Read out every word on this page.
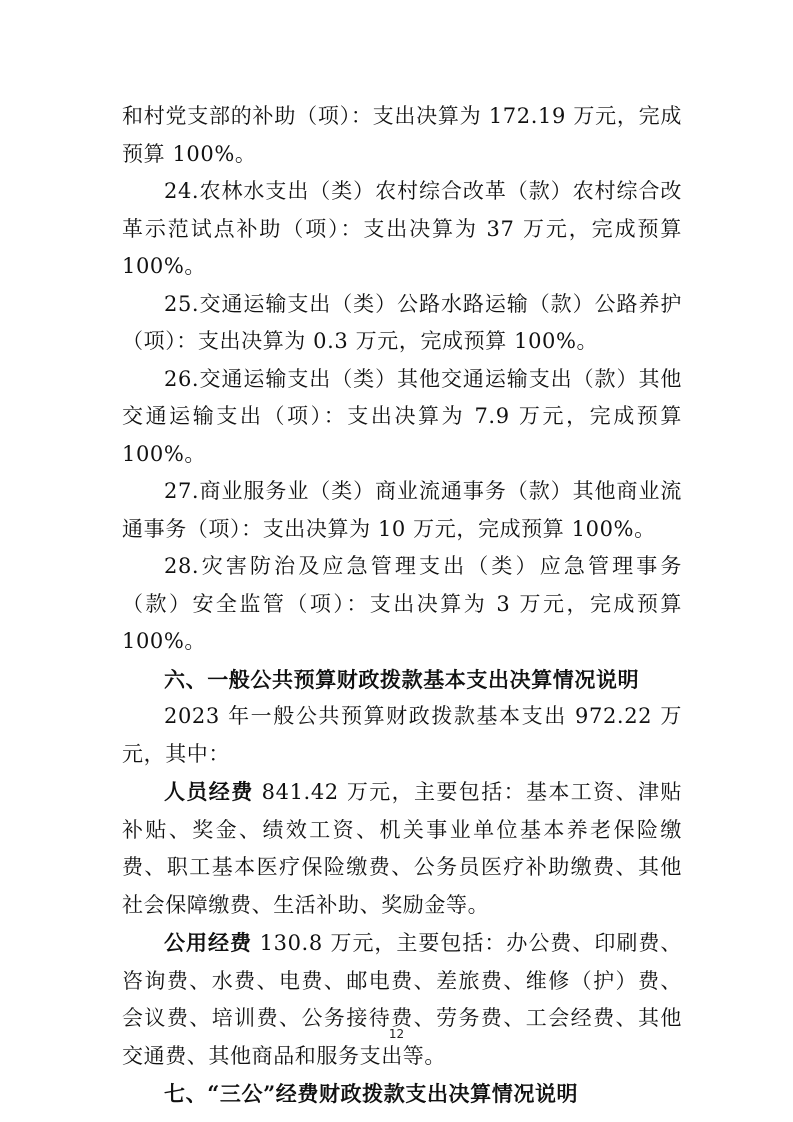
和村党支部的补助（项）：支出决算为 172.19 万元，完成预算 100%。

24.农林水支出（类）农村综合改革（款）农村综合改革示范试点补助（项）：支出决算为 37 万元，完成预算 100%。

25.交通运输支出（类）公路水路运输（款）公路养护（项）：支出决算为 0.3 万元，完成预算 100%。

26.交通运输支出（类）其他交通运输支出（款）其他交通运输支出（项）：支出决算为 7.9 万元，完成预算 100%。

27.商业服务业（类）商业流通事务（款）其他商业流通事务（项）：支出决算为 10 万元，完成预算 100%。

28.灾害防治及应急管理支出（类）应急管理事务（款）安全监管（项）：支出决算为 3 万元，完成预算 100%。

六、一般公共预算财政拨款基本支出决算情况说明

2023 年一般公共预算财政拨款基本支出 972.22 万元，其中：

人员经费 841.42 万元，主要包括：基本工资、津贴补贴、奖金、绩效工资、机关事业单位基本养老保险缴费、职工基本医疗保险缴费、公务员医疗补助缴费、其他社会保障缴费、生活补助、奖励金等。

公用经费 130.8 万元，主要包括：办公费、印刷费、咨询费、水费、电费、邮电费、差旅费、维修（护）费、会议费、培训费、公务接待费、劳务费、工会经费、其他交通费、其他商品和服务支出等。

七、“三公”经费财政拨款支出决算情况说明

12
